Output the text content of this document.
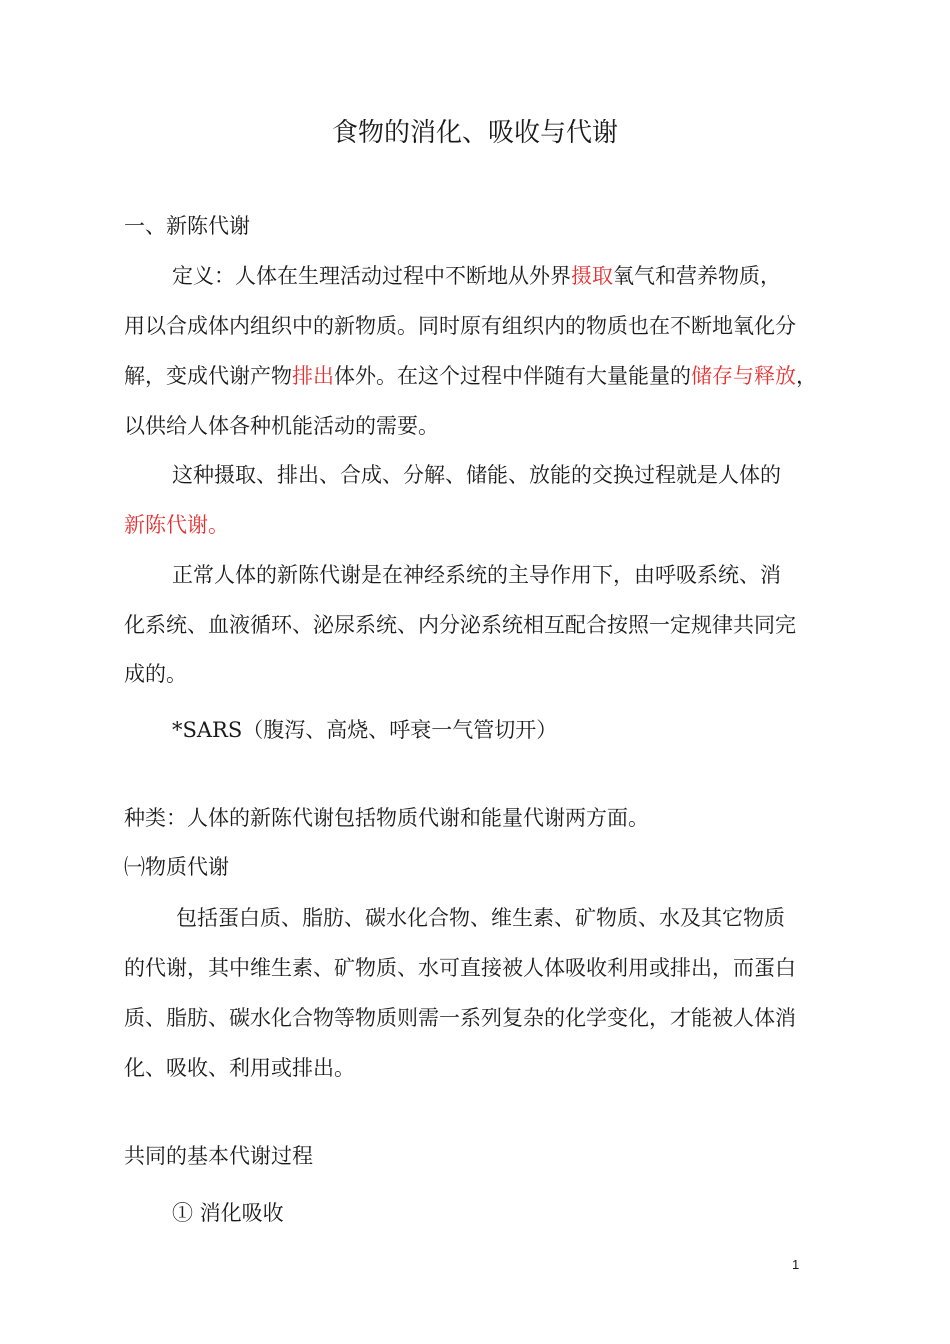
食物的消化、吸收与代谢
一、新陈代谢
定义：人体在生理活动过程中不断地从外界摄取氧气和营养物质，
用以合成体内组织中的新物质。同时原有组织内的物质也在不断地氧化分
解，变成代谢产物排出体外。在这个过程中伴随有大量能量的储存与释放，
以供给人体各种机能活动的需要。
这种摄取、排出、合成、分解、储能、放能的交换过程就是人体的
新陈代谢。
正常人体的新陈代谢是在神经系统的主导作用下，由呼吸系统、消
化系统、血液循环、泌尿系统、内分泌系统相互配合按照一定规律共同完
成的。
*SARS（腹泻、高烧、呼衰一气管切开）
种类：人体的新陈代谢包括物质代谢和能量代谢两方面。
㈠物质代谢
包括蛋白质、脂肪、碳水化合物、维生素、矿物质、水及其它物质
的代谢，其中维生素、矿物质、水可直接被人体吸收利用或排出，而蛋白
质、脂肪、碳水化合物等物质则需一系列复杂的化学变化，才能被人体消
化、吸收、利用或排出。
共同的基本代谢过程
① 消化吸收
1
